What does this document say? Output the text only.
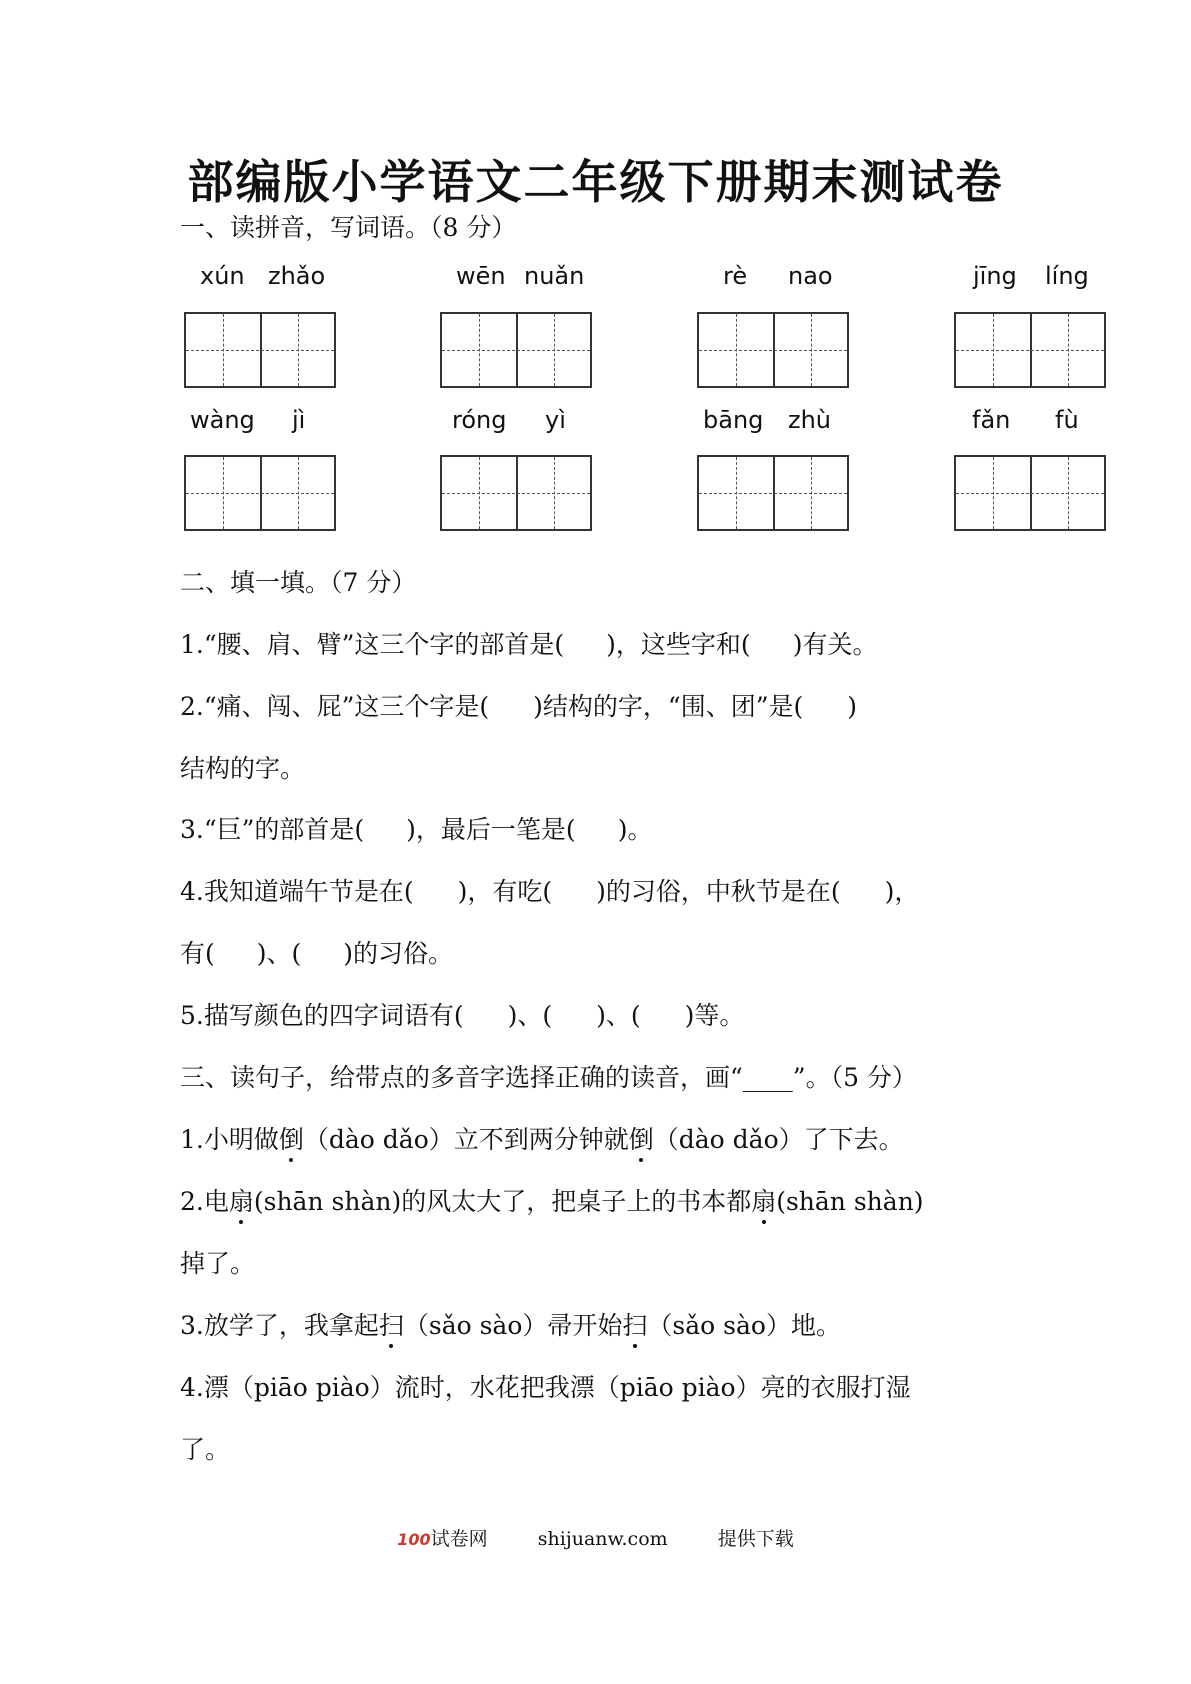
部编版小学语文二年级下册期末测试卷
一、读拼音，写词语。（8 分）
xún zhǎo	wēn nuǎn	rè nao	jīng líng
wàng jì	róng yì	bāng zhù	fǎn fù
二、填一填。（7 分）
1.“腰、肩、臂”这三个字的部首是( )，这些字和( )有关。
2.“痛、闯、屁”这三个字是( )结构的字，“围、团”是( )
结构的字。
3.“巨”的部首是( )，最后一笔是( )。
4.我知道端午节是在( )，有吃( )的习俗，中秋节是在( )，
有( )、( )的习俗。
5.描写颜色的四字词语有( )、( )、( )等。
三、读句子，给带点的多音字选择正确的读音，画“____”。（5 分）
1.小明做倒（dào dǎo）立不到两分钟就倒（dào dǎo）了下去。
2.电扇(shān shàn)的风太大了，把桌子上的书本都扇(shān shàn)
掉了。
3.放学了，我拿起扫（sǎo sào）帚开始扫（sǎo sào）地。
4.漂（piāo piào）流时，水花把我漂（piāo piào）亮的衣服打湿
了。
100试卷网	shijuanw.com	提供下载
